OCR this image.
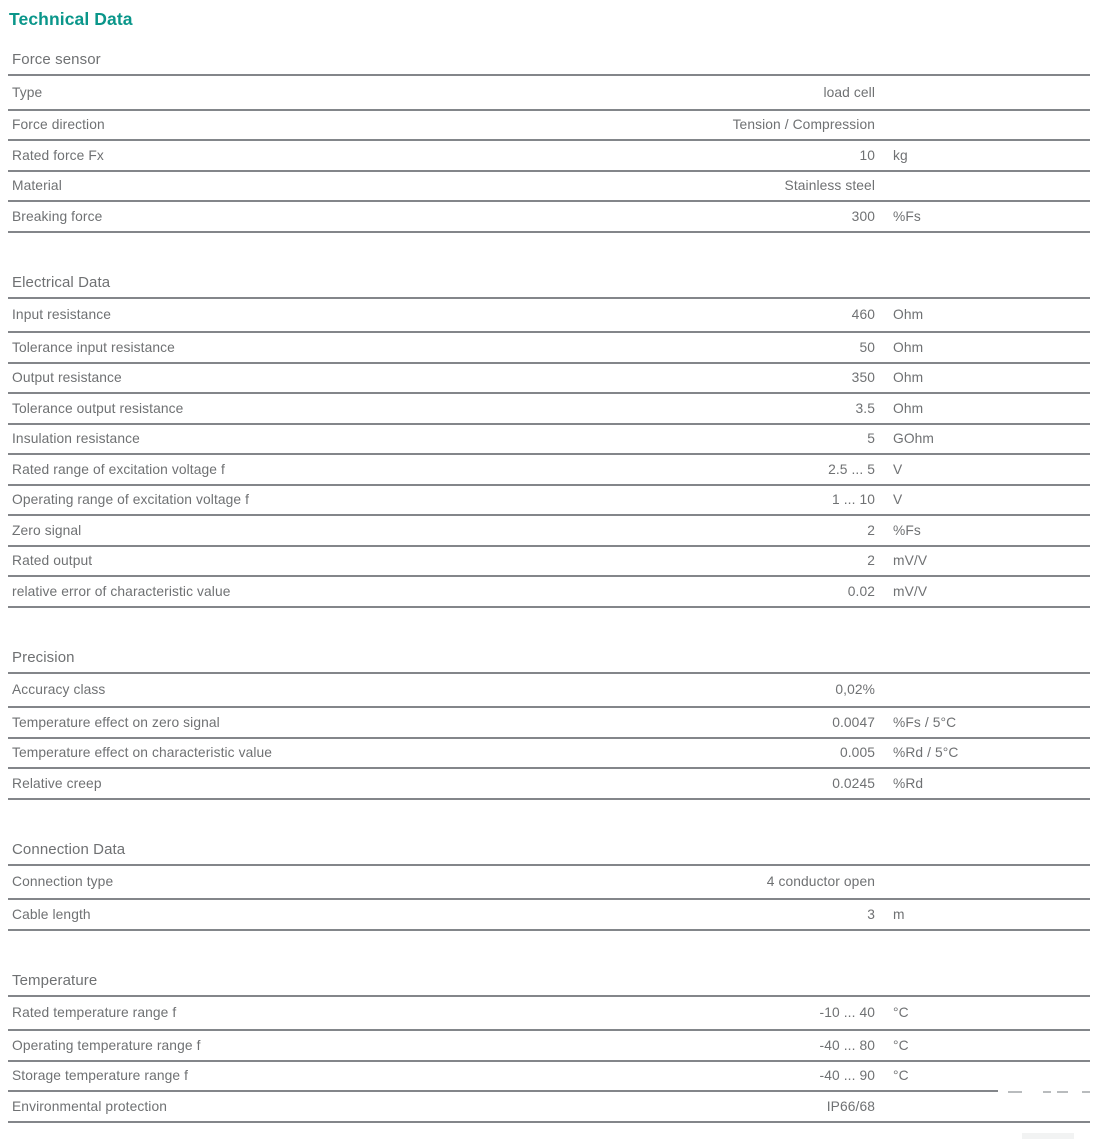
Technical Data
Force sensor
Type	load cell
Force direction	Tension / Compression
Rated force Fx	10 kg
Material	Stainless steel
Breaking force	300 %Fs
Electrical Data
Input resistance	460 Ohm
Tolerance input resistance	50 Ohm
Output resistance	350 Ohm
Tolerance output resistance	3.5 Ohm
Insulation resistance	5 GOhm
Rated range of excitation voltage f	2.5 ... 5 V
Operating range of excitation voltage f	1 ... 10 V
Zero signal	2 %Fs
Rated output	2 mV/V
relative error of characteristic value	0.02 mV/V
Precision
Accuracy class	0,02%
Temperature effect on zero signal	0.0047 %Fs / 5°C
Temperature effect on characteristic value	0.005 %Rd / 5°C
Relative creep	0.0245 %Rd
Connection Data
Connection type	4 conductor open
Cable length	3 m
Temperature
Rated temperature range f	-10 ... 40 °C
Operating temperature range f	-40 ... 80 °C
Storage temperature range f	-40 ... 90 °C
Environmental protection	IP66/68
